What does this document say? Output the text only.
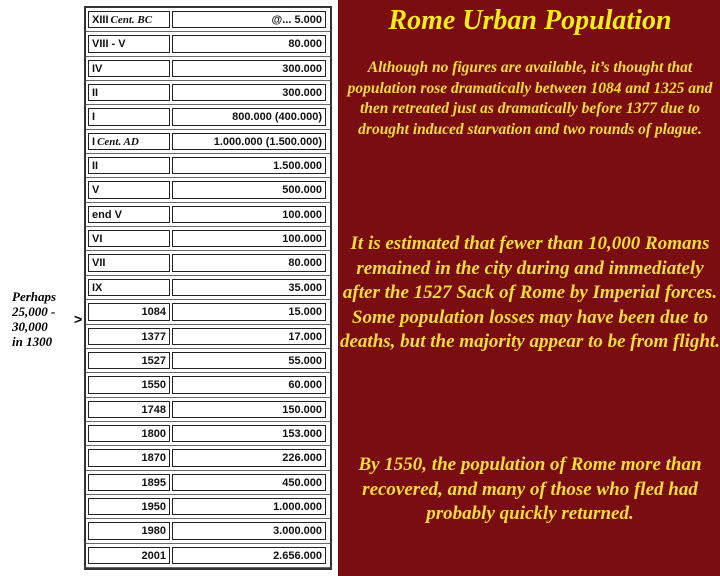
Perhaps
25,000 -
30,000
in 1300
>
XIII Cent. BC	@... 5.000
VIII - V	80.000
IV	300.000
II	300.000
I	800.000 (400.000)
I Cent. AD	1.000.000 (1.500.000)
II	1.500.000
V	500.000
end V	100.000
VI	100.000
VII	80.000
IX	35.000
1084	15.000
1377	17.000
1527	55.000
1550	60.000
1748	150.000
1800	153.000
1870	226.000
1895	450.000
1950	1.000.000
1980	3.000.000
2001	2.656.000
Rome Urban Population
Although no figures are available, it’s thought that population rose dramatically between 1084 and 1325 and then retreated just as dramatically before 1377 due to drought induced starvation and two rounds of plague.
It is estimated that fewer than 10,000 Romans remained in the city during and immediately after the 1527 Sack of Rome by Imperial forces. Some population losses may have been due to deaths, but the majority appear to be from flight.
By 1550, the population of Rome more than recovered, and many of those who fled had probably quickly returned.
